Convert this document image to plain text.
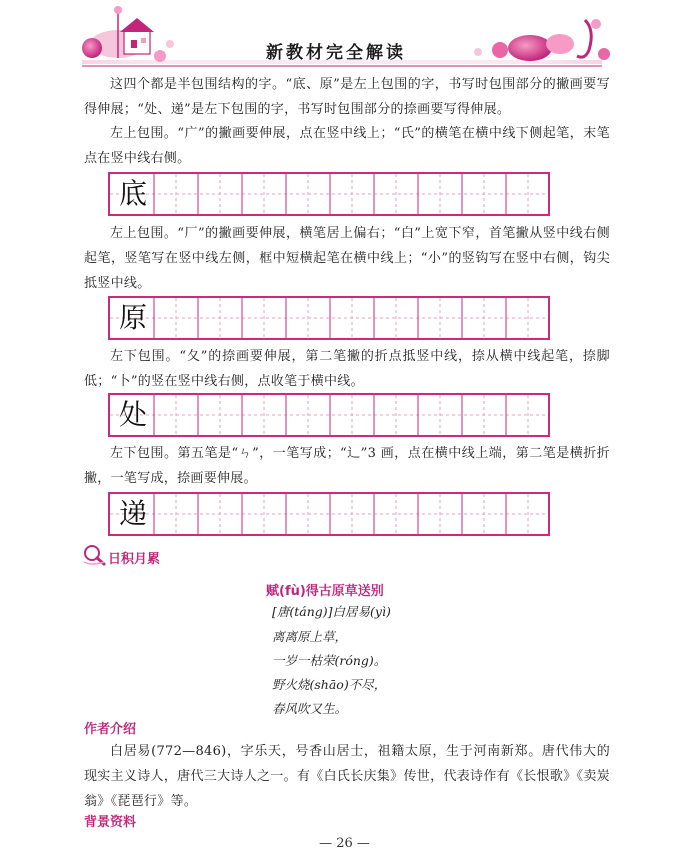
新教材完全解读

这四个都是半包围结构的字。“底、原”是左上包围的字，书写时包围部分的撇画要写得伸展；“处、递”是左下包围的字，书写时包围部分的捺画要写得伸展。

左上包围。“广”的撇画要伸展，点在竖中线上；“氏”的横笔在横中线下侧起笔，末笔点在竖中线右侧。

底

左上包围。“厂”的撇画要伸展，横笔居上偏右；“白”上宽下窄，首笔撇从竖中线右侧起笔，竖笔写在竖中线左侧，框中短横起笔在横中线上；“小”的竖钩写在竖中右侧，钩尖抵竖中线。

原

左下包围。“夂”的捺画要伸展，第二笔撇的折点抵竖中线，捺从横中线起笔，捺脚低；“卜”的竖在竖中线右侧，点收笔于横中线。

处

左下包围。第五笔是“ㄣ”，一笔写成；“辶”3 画，点在横中线上端，第二笔是横折折撇，一笔写成，捺画要伸展。

递
日积月累
赋(fù)得古原草送别
[唐(táng)]白居易(yì)
离离原上草，
一岁一枯荣(róng)。
野火烧(shāo)不尽，
春风吹又生。
作者介绍

白居易(772—846)，字乐天，号香山居士，祖籍太原，生于河南新郑。唐代伟大的现实主义诗人，唐代三大诗人之一。有《白氏长庆集》传世，代表诗作有《长恨歌》《卖炭翁》《琵琶行》等。

背景资料
— 26 —
